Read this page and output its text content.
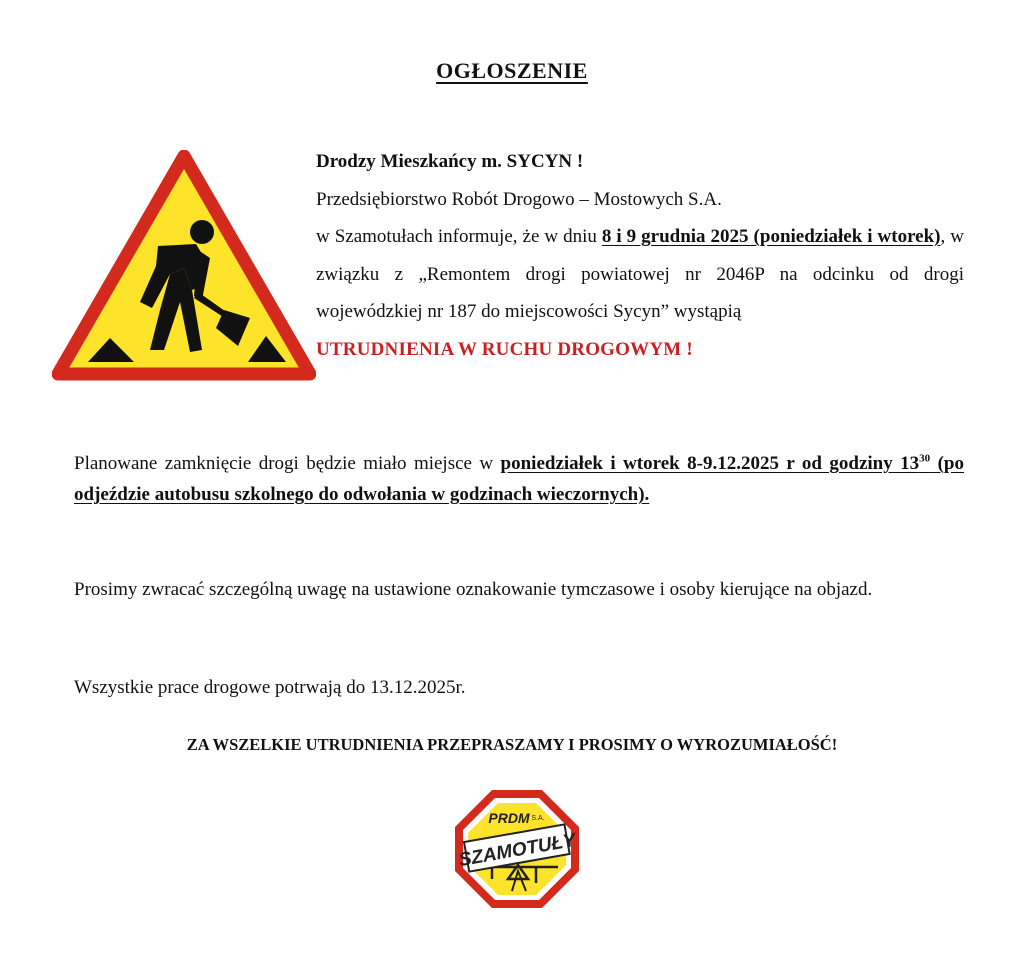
OGŁOSZENIE
Drodzy Mieszkańcy m. SYCYN !
Przedsiębiorstwo Robót Drogowo – Mostowych S.A.
w Szamotułach informuje, że w dniu 8 i 9 grudnia 2025 (poniedziałek i wtorek), w związku z „Remontem drogi powiatowej nr 2046P na odcinku od drogi wojewódzkiej nr 187 do miejscowości Sycyn” wystąpią
UTRUDNIENIA W RUCHU DROGOWYM !
Planowane zamknięcie drogi będzie miało miejsce w poniedziałek i wtorek 8-9.12.2025 r od godziny $13^{30}$ (po odjeździe autobusu szkolnego do odwołania w godzinach wieczornych).
Prosimy zwracać szczególną uwagę na ustawione oznakowanie tymczasowe i osoby kierujące na objazd.
Wszystkie prace drogowe potrwają do 13.12.2025r.
ZA WSZELKIE UTRUDNIENIA PRZEPRASZAMY I PROSIMY O WYROZUMIAŁOŚĆ!
SZAMOTUŁY
PRDM S.A.
